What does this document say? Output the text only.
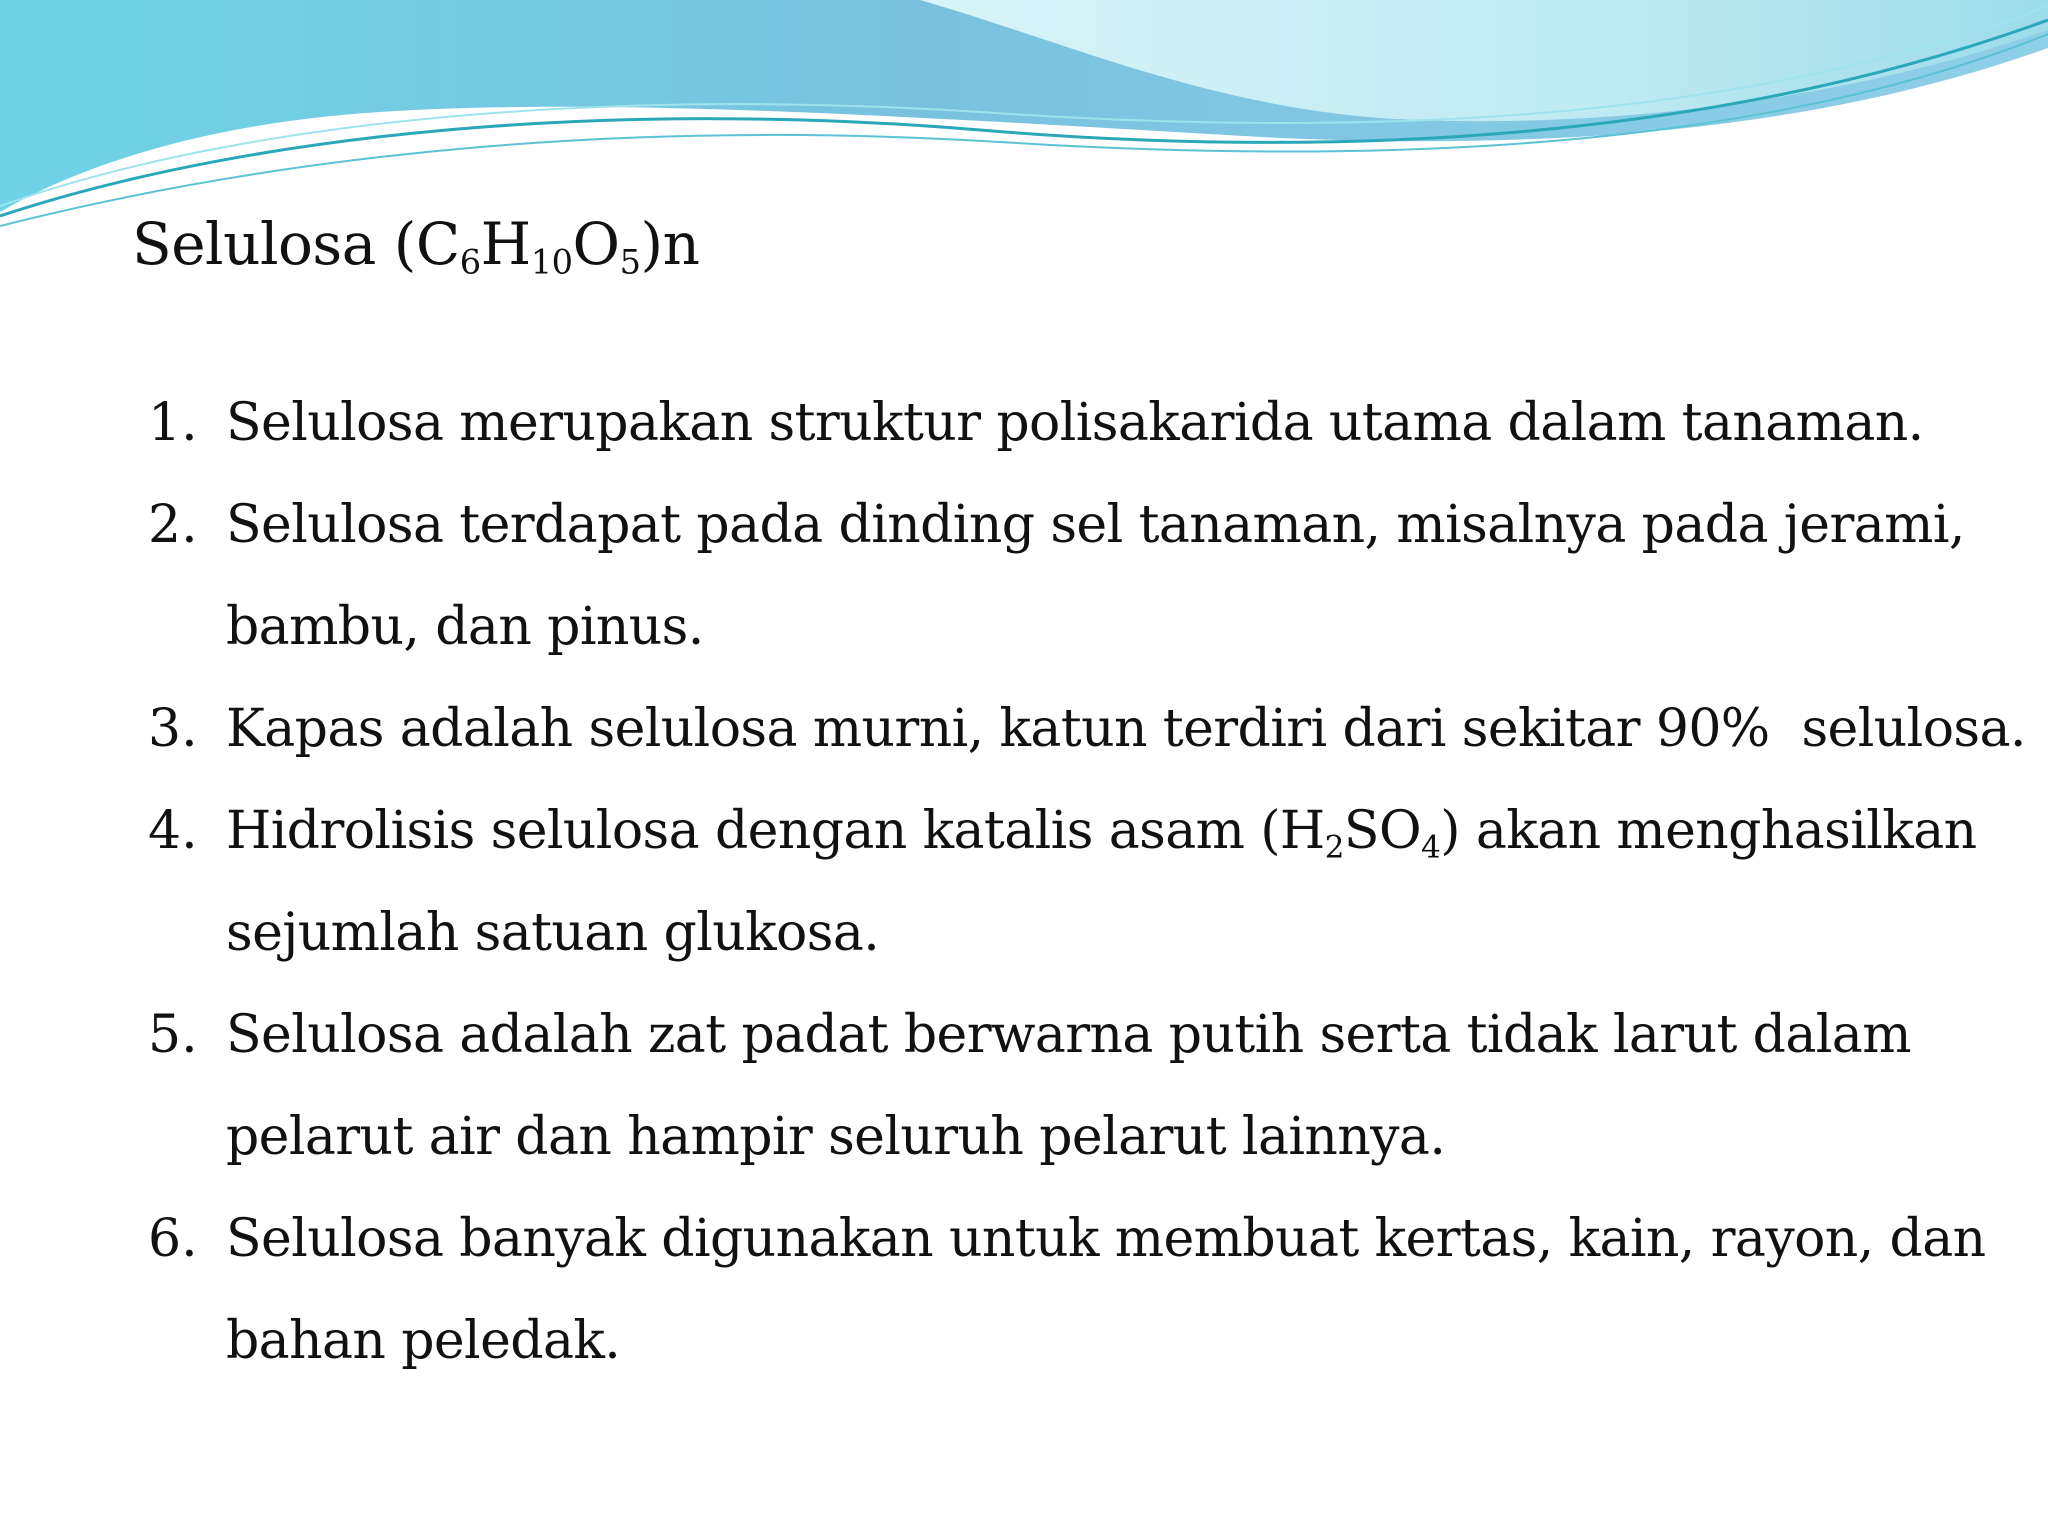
Selulosa $(C_6H_{10}O_5)n$
1. Selulosa merupakan struktur polisakarida utama dalam tanaman.
2. Selulosa terdapat pada dinding sel tanaman, misalnya pada jerami,
bambu, dan pinus.
3. Kapas adalah selulosa murni, katun terdiri dari sekitar 90%  selulosa.
4. Hidrolisis selulosa dengan katalis asam $(H_2SO_4)$ akan menghasilkan
sejumlah satuan glukosa.
5. Selulosa adalah zat padat berwarna putih serta tidak larut dalam
pelarut air dan hampir seluruh pelarut lainnya.
6. Selulosa banyak digunakan untuk membuat kertas, kain, rayon, dan
bahan peledak.
